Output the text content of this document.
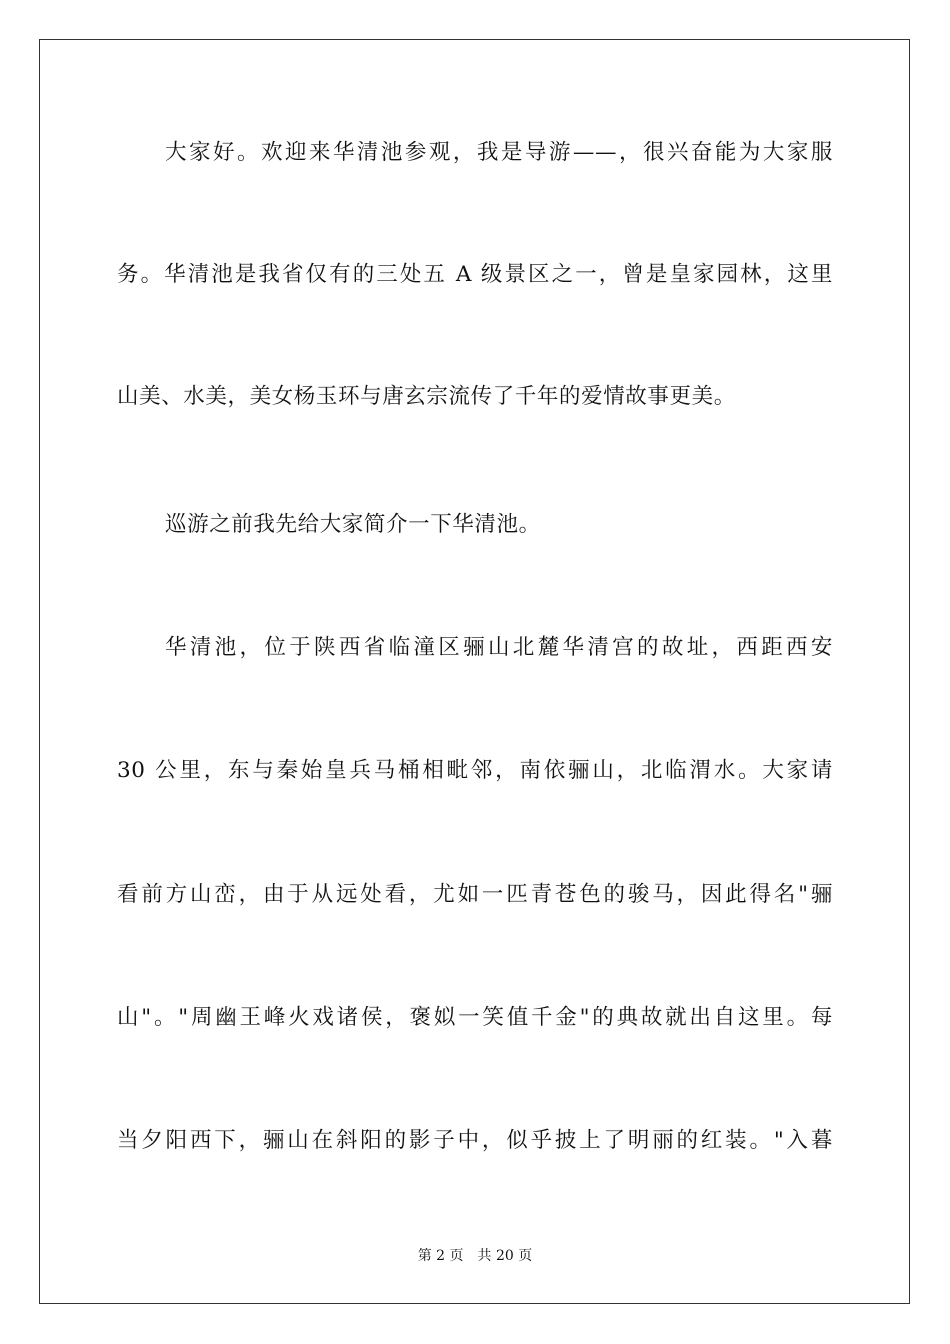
大家好。欢迎来华清池参观，我是导游——，很兴奋能为大家服
务。华清池是我省仅有的三处五 A 级景区之一，曾是皇家园林，这里
山美、水美，美女杨玉环与唐玄宗流传了千年的爱情故事更美。
巡游之前我先给大家简介一下华清池。
华清池，位于陕西省临潼区骊山北麓华清宫的故址，西距西安
30 公里，东与秦始皇兵马桶相毗邻，南依骊山，北临渭水。大家请
看前方山峦，由于从远处看，尤如一匹青苍色的骏马，因此得名"骊
山"。"周幽王峰火戏诸侯，褒姒一笑值千金"的典故就出自这里。每
当夕阳西下，骊山在斜阳的影子中，似乎披上了明丽的红装。"入暮
第 2 页 共 20 页
